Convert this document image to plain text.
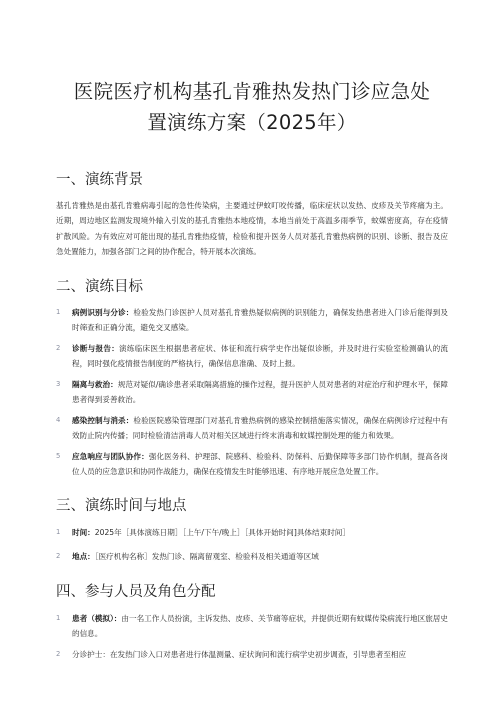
医院医疗机构基孔肯雅热发热门诊应急处
置演练方案（2025年）
一、演练背景

基孔肯雅热是由基孔肯雅病毒引起的急性传染病，主要通过伊蚊叮咬传播，临床症状以发热、皮疹及关节疼痛为主。近期，周边地区监测发现境外输入引发的基孔肯雅热本地疫情，本地当前处于高温多雨季节，蚊媒密度高，存在疫情扩散风险。为有效应对可能出现的基孔肯雅热疫情，检验和提升医务人员对基孔肯雅热病例的识别、诊断、报告及应急处置能力，加强各部门之间的协作配合，特开展本次演练。

二、演练目标
1	病例识别与分诊：检验发热门诊医护人员对基孔肯雅热疑似病例的识别能力，确保发热患者进入门诊后能得到及时筛查和正确分流，避免交叉感染。
2	诊断与报告：演练临床医生根据患者症状、体征和流行病学史作出疑似诊断，并及时进行实验室检测确认的流程，同时强化疫情报告制度的严格执行，确保信息准确、及时上报。
3	隔离与救治：规范对疑似/确诊患者采取隔离措施的操作过程，提升医护人员对患者的对症治疗和护理水平，保障患者得到妥善救治。
4	感染控制与消杀：检验医院感染管理部门对基孔肯雅热病例的感染控制措施落实情况，确保在病例诊疗过程中有效防止院内传播；同时检验清洁消毒人员对相关区域进行终末消毒和蚊媒控制处理的能力和效果。
5	应急响应与团队协作：强化医务科、护理部、院感科、检验科、防保科、后勤保障等多部门协作机制，提高各岗位人员的应急意识和协同作战能力，确保在疫情发生时能够迅速、有序地开展应急处置工作。
三、演练时间与地点
1	时间：2025年［具体演练日期］［上午/下午/晚上］［具体开始时间]具体结束时间］
2	地点：［医疗机构名称］发热门诊、隔离留观室、检验科及相关通道等区域
四、参与人员及角色分配
1	患者（模拟）：由一名工作人员扮演，主诉发热、皮疹、关节痛等症状，并提供近期有蚊媒传染病流行地区旅居史的信息。
2	分诊护士：在发热门诊入口对患者进行体温测量、症状询问和流行病学史初步调查，引导患者至相应
